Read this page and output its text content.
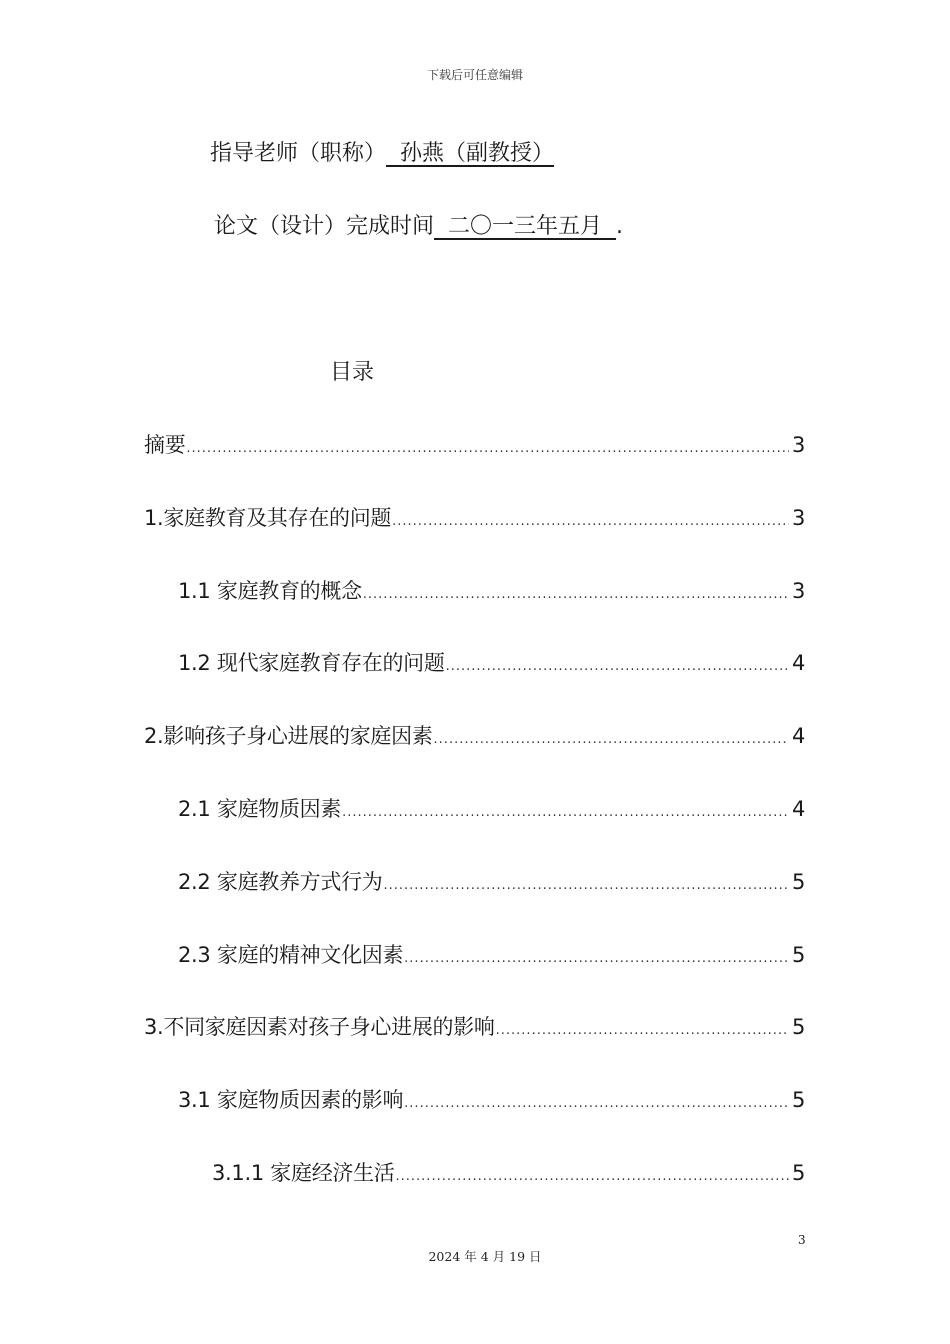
下载后可任意编辑
指导老师（职称） 孙燕（副教授）
论文（设计）完成时间 二〇一三年五月 .
目录
摘要 .....	3
1.家庭教育及其存在的问题 .....	3
1.1 家庭教育的概念 .....	3
1.2 现代家庭教育存在的问题 .....	4
2.影响孩子身心进展的家庭因素 .....	4
2.1 家庭物质因素 .....	4
2.2 家庭教养方式行为 .....	5
2.3 家庭的精神文化因素 .....	5
3.不同家庭因素对孩子身心进展的影响 .....	5
3.1 家庭物质因素的影响 .....	5
3.1.1 家庭经济生活 .....	5
3
2024 年 4 月 19 日
